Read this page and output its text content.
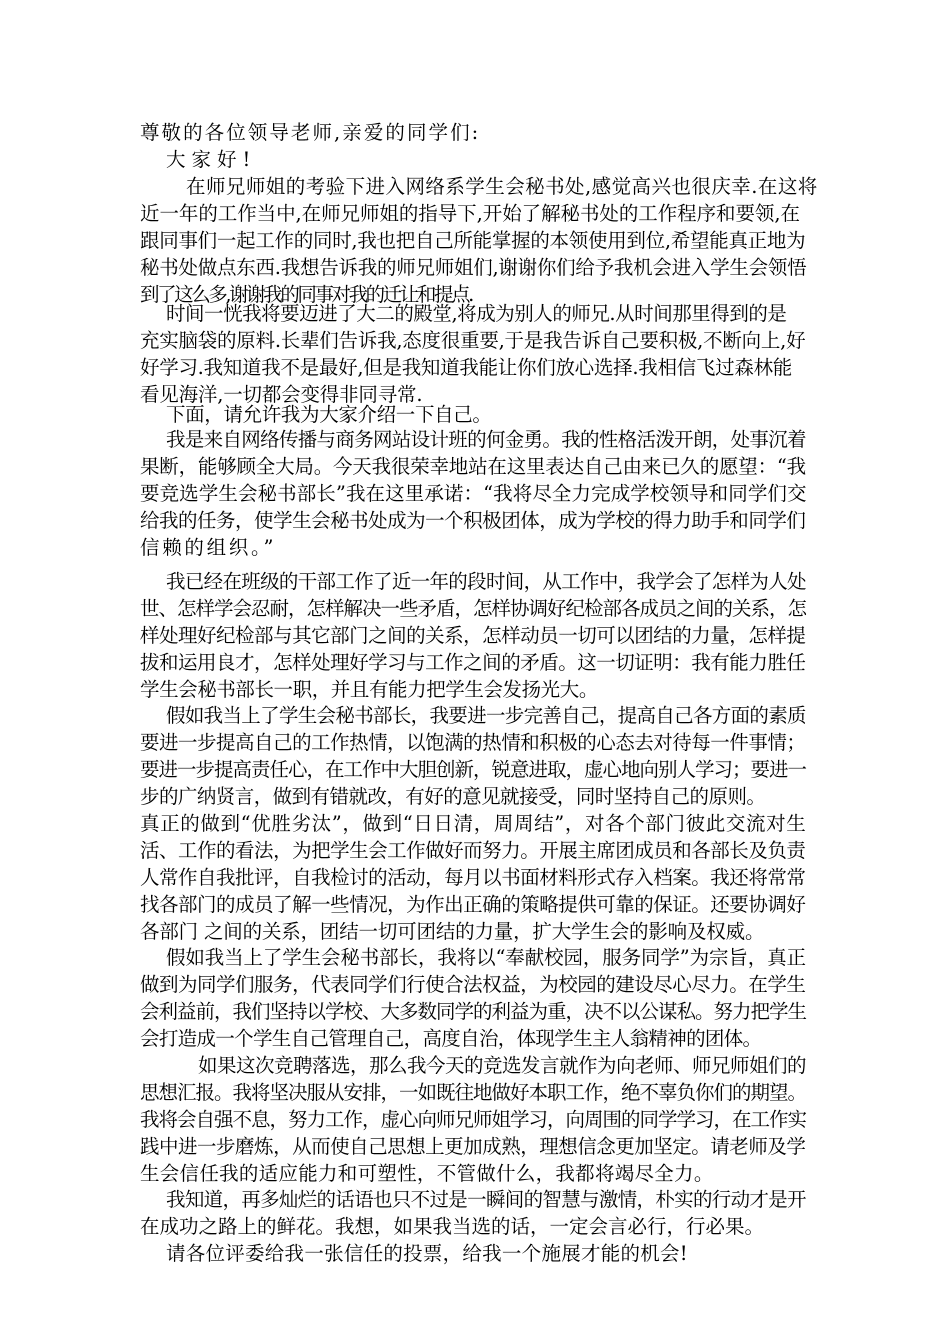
尊敬的各位领导老师,亲爱的同学们:
大家好!
在师兄师姐的考验下进入网络系学生会秘书处,感觉高兴也很庆幸.在这将
近一年的工作当中,在师兄师姐的指导下,开始了解秘书处的工作程序和要领,在
跟同事们一起工作的同时,我也把自己所能掌握的本领使用到位,希望能真正地为
秘书处做点东西.我想告诉我的师兄师姐们,谢谢你们给予我机会进入学生会领悟
到了这么多,谢谢我的同事对我的迁让和提点.
时间一恍我将要迈进了大二的殿堂,将成为别人的师兄.从时间那里得到的是
充实脑袋的原料.长辈们告诉我,态度很重要,于是我告诉自己要积极,不断向上,好
好学习.我知道我不是最好,但是我知道我能让你们放心选择.我相信飞过森林能
看见海洋,一切都会变得非同寻常.
下面，请允许我为大家介绍一下自己。
我是来自网络传播与商务网站设计班的何金勇。我的性格活泼开朗，处事沉着
果断，能够顾全大局。今天我很荣幸地站在这里表达自己由来已久的愿望：“我
要竞选学生会秘书部长”我在这里承诺：“我将尽全力完成学校领导和同学们交
给我的任务，使学生会秘书处成为一个积极团体，成为学校的得力助手和同学们
信赖的组织。”
我已经在班级的干部工作了近一年的段时间，从工作中，我学会了怎样为人处
世、怎样学会忍耐，怎样解决一些矛盾，怎样协调好纪检部各成员之间的关系，怎
样处理好纪检部与其它部门之间的关系，怎样动员一切可以团结的力量，怎样提
拔和运用良才，怎样处理好学习与工作之间的矛盾。这一切证明：我有能力胜任
学生会秘书部长一职，并且有能力把学生会发扬光大。
假如我当上了学生会秘书部长，我要进一步完善自己，提高自己各方面的素质
要进一步提高自己的工作热情，以饱满的热情和积极的心态去对待每一件事情；
要进一步提高责任心，在工作中大胆创新，锐意进取，虚心地向别人学习；要进一
步的广纳贤言，做到有错就改，有好的意见就接受，同时坚持自己的原则。
真正的做到“优胜劣汰”，做到“日日清，周周结”，对各个部门彼此交流对生
活、工作的看法，为把学生会工作做好而努力。开展主席团成员和各部长及负责
人常作自我批评，自我检讨的活动，每月以书面材料形式存入档案。我还将常常
找各部门的成员了解一些情况，为作出正确的策略提供可靠的保证。还要协调好
各部门 之间的关系，团结一切可团结的力量，扩大学生会的影响及权威。
假如我当上了学生会秘书部长，我将以“奉献校园，服务同学”为宗旨，真正
做到为同学们服务，代表同学们行使合法权益，为校园的建设尽心尽力。在学生
会利益前，我们坚持以学校、大多数同学的利益为重，决不以公谋私。努力把学生
会打造成一个学生自己管理自己，高度自治，体现学生主人翁精神的团体。
如果这次竞聘落选，那么我今天的竞选发言就作为向老师、师兄师姐们的
思想汇报。我将坚决服从安排，一如既往地做好本职工作，绝不辜负你们的期望。
我将会自强不息，努力工作，虚心向师兄师姐学习，向周围的同学学习，在工作实
践中进一步磨炼，从而使自己思想上更加成熟，理想信念更加坚定。请老师及学
生会信任我的适应能力和可塑性，不管做什么，我都将竭尽全力。
我知道，再多灿烂的话语也只不过是一瞬间的智慧与激情，朴实的行动才是开
在成功之路上的鲜花。我想，如果我当选的话，一定会言必行，行必果。
请各位评委给我一张信任的投票，给我一个施展才能的机会!
